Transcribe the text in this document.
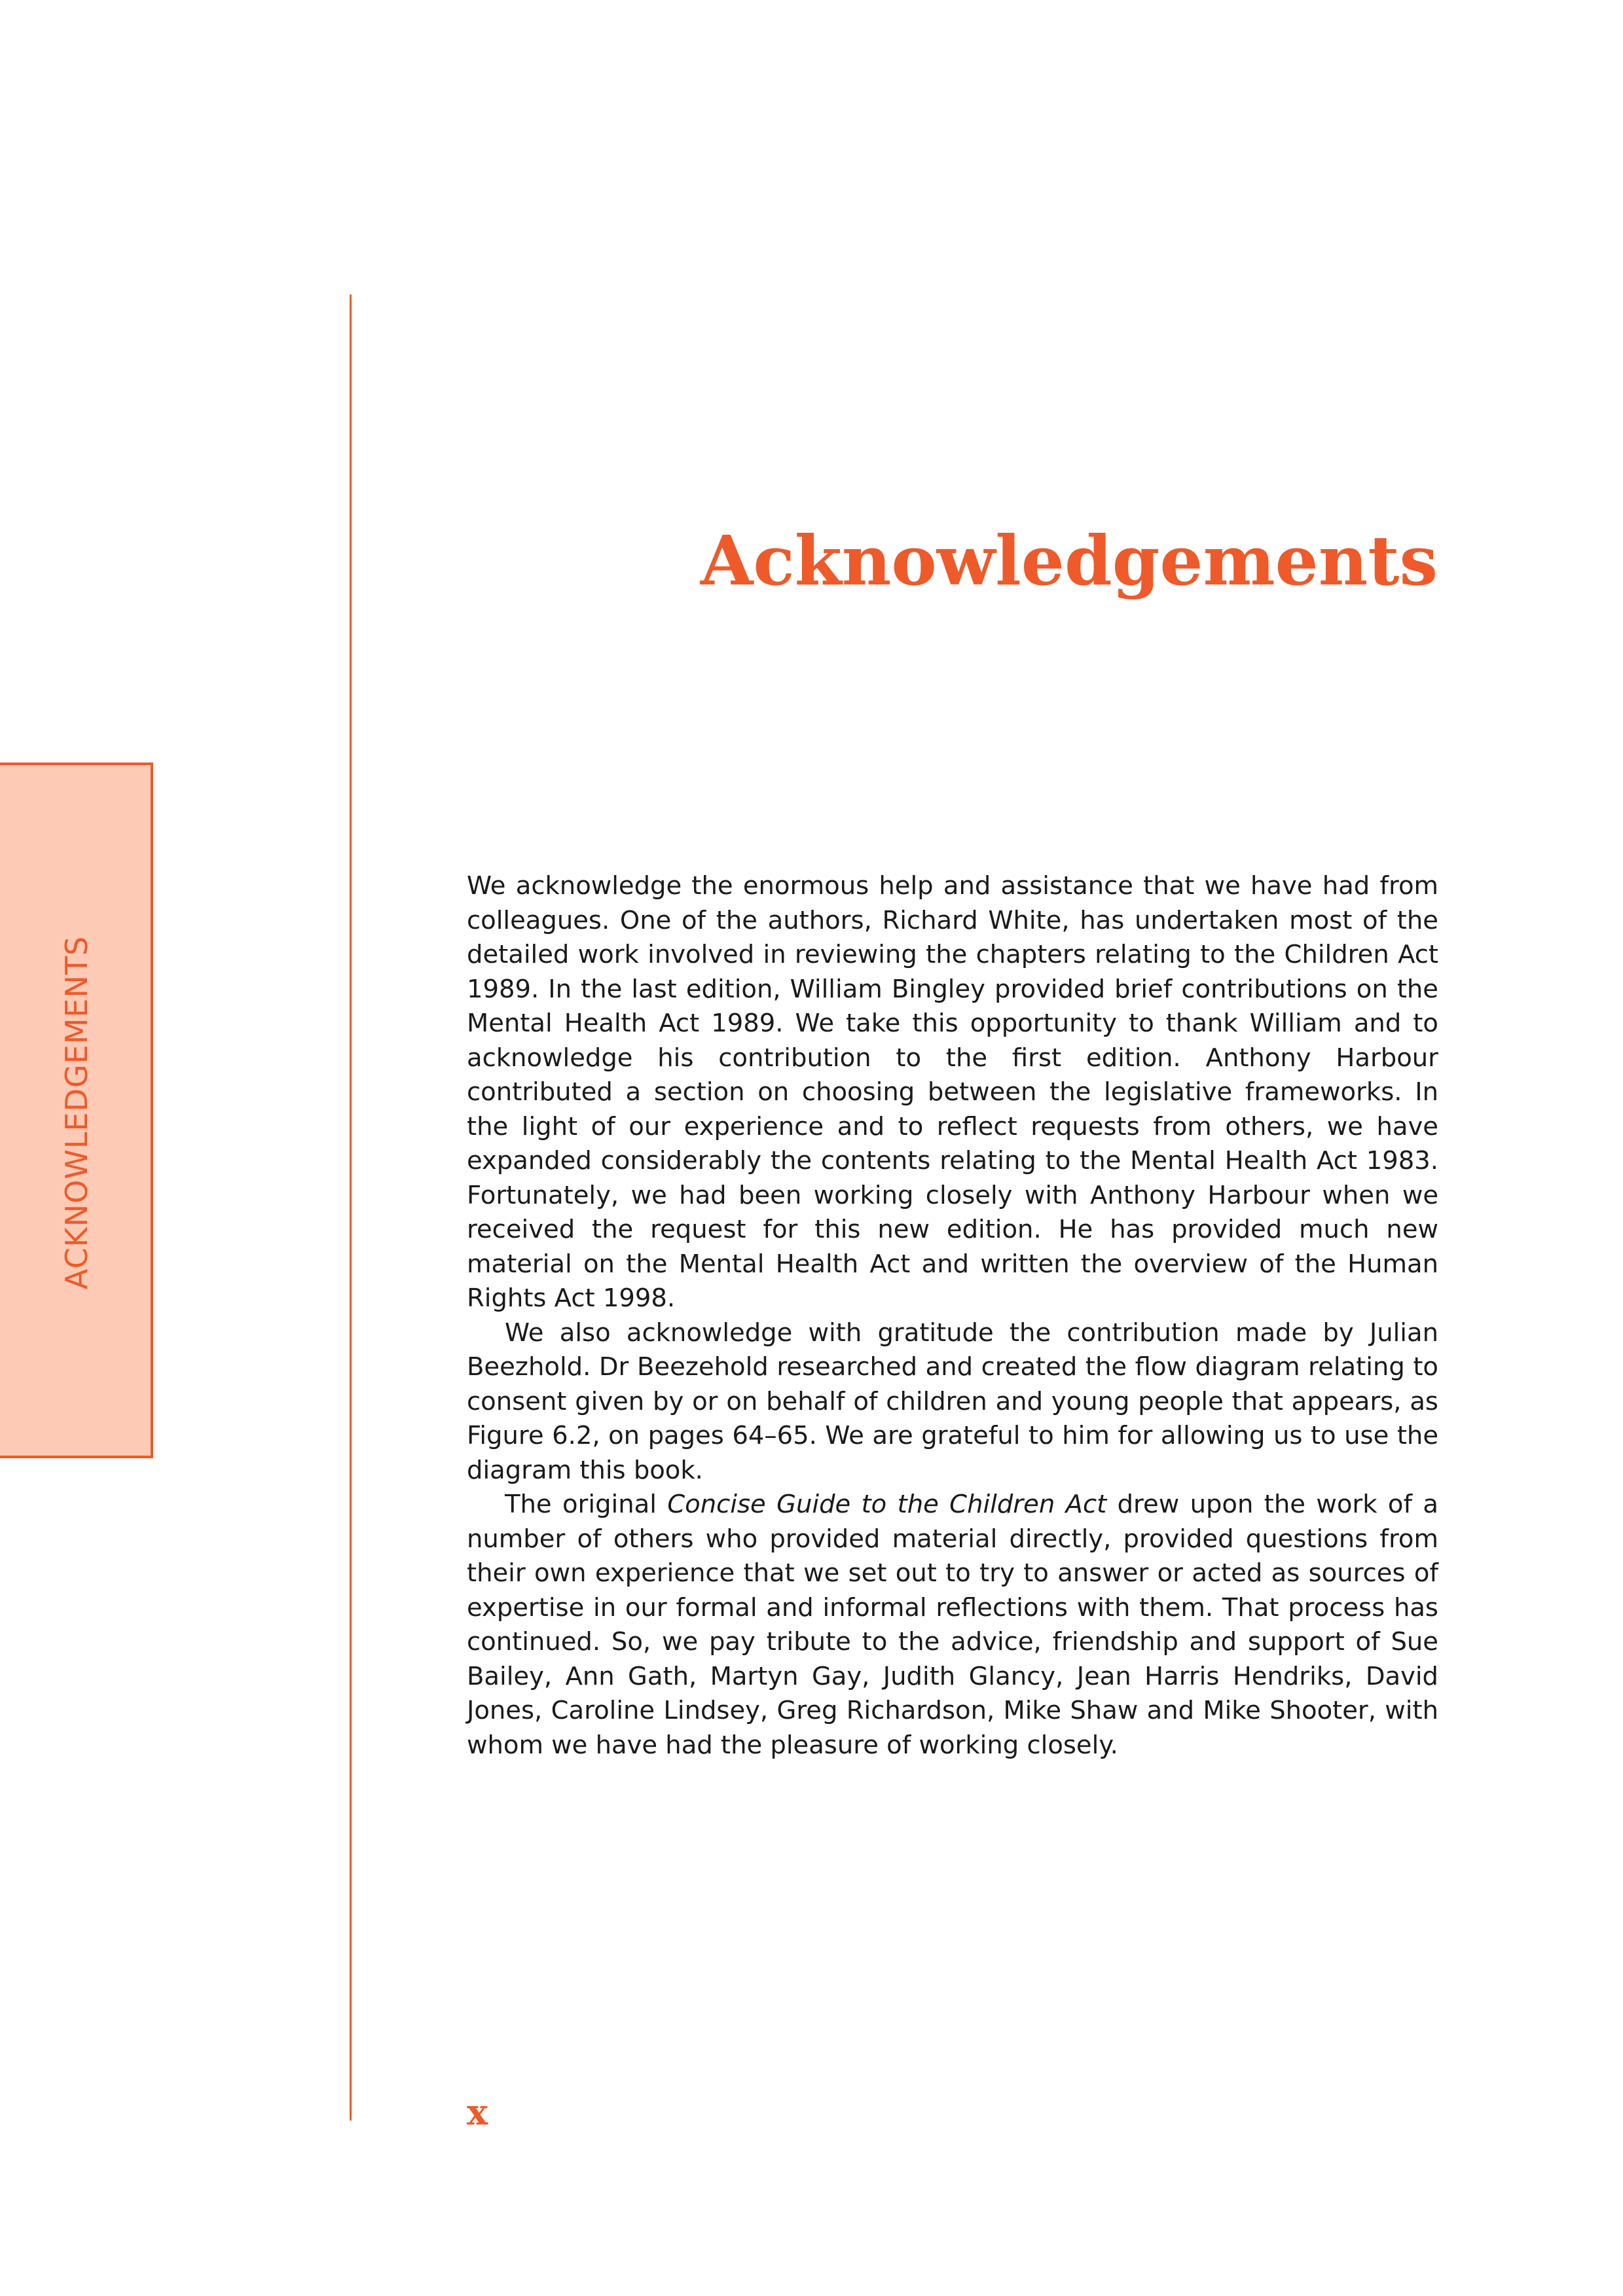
ACKNOWLEDGEMENTS
Acknowledgements

We acknowledge the enormous help and assistance that we have had from colleagues. One of the authors, Richard White, has undertaken most of the detailed work involved in reviewing the chapters relating to the Children Act 1989. In the last edition, William Bingley provided brief contributions on the Mental Health Act 1989. We take this opportunity to thank William and to acknowledge his contribution to the first edition. Anthony Harbour contributed a section on choosing between the legislative frameworks. In the light of our experience and to reflect requests from others, we have expanded considerably the contents relating to the Mental Health Act 1983. Fortunately, we had been working closely with Anthony Harbour when we received the request for this new edition. He has provided much new material on the Mental Health Act and written the overview of the Human Rights Act 1998.

We also acknowledge with gratitude the contribution made by Julian Beezhold. Dr Beezehold researched and created the flow diagram relating to consent given by or on behalf of children and young people that appears, as Figure 6.2, on pages 64–65. We are grateful to him for allowing us to use the diagram this book.

The original Concise Guide to the Children Act drew upon the work of a number of others who provided material directly, provided questions from their own experience that we set out to try to answer or acted as sources of expertise in our formal and informal reflections with them. That process has continued. So, we pay tribute to the advice, friendship and support of Sue Bailey, Ann Gath, Martyn Gay, Judith Glancy, Jean Harris Hendriks, David Jones, Caroline Lindsey, Greg Richardson, Mike Shaw and Mike Shooter, with whom we have had the pleasure of working closely.

x
